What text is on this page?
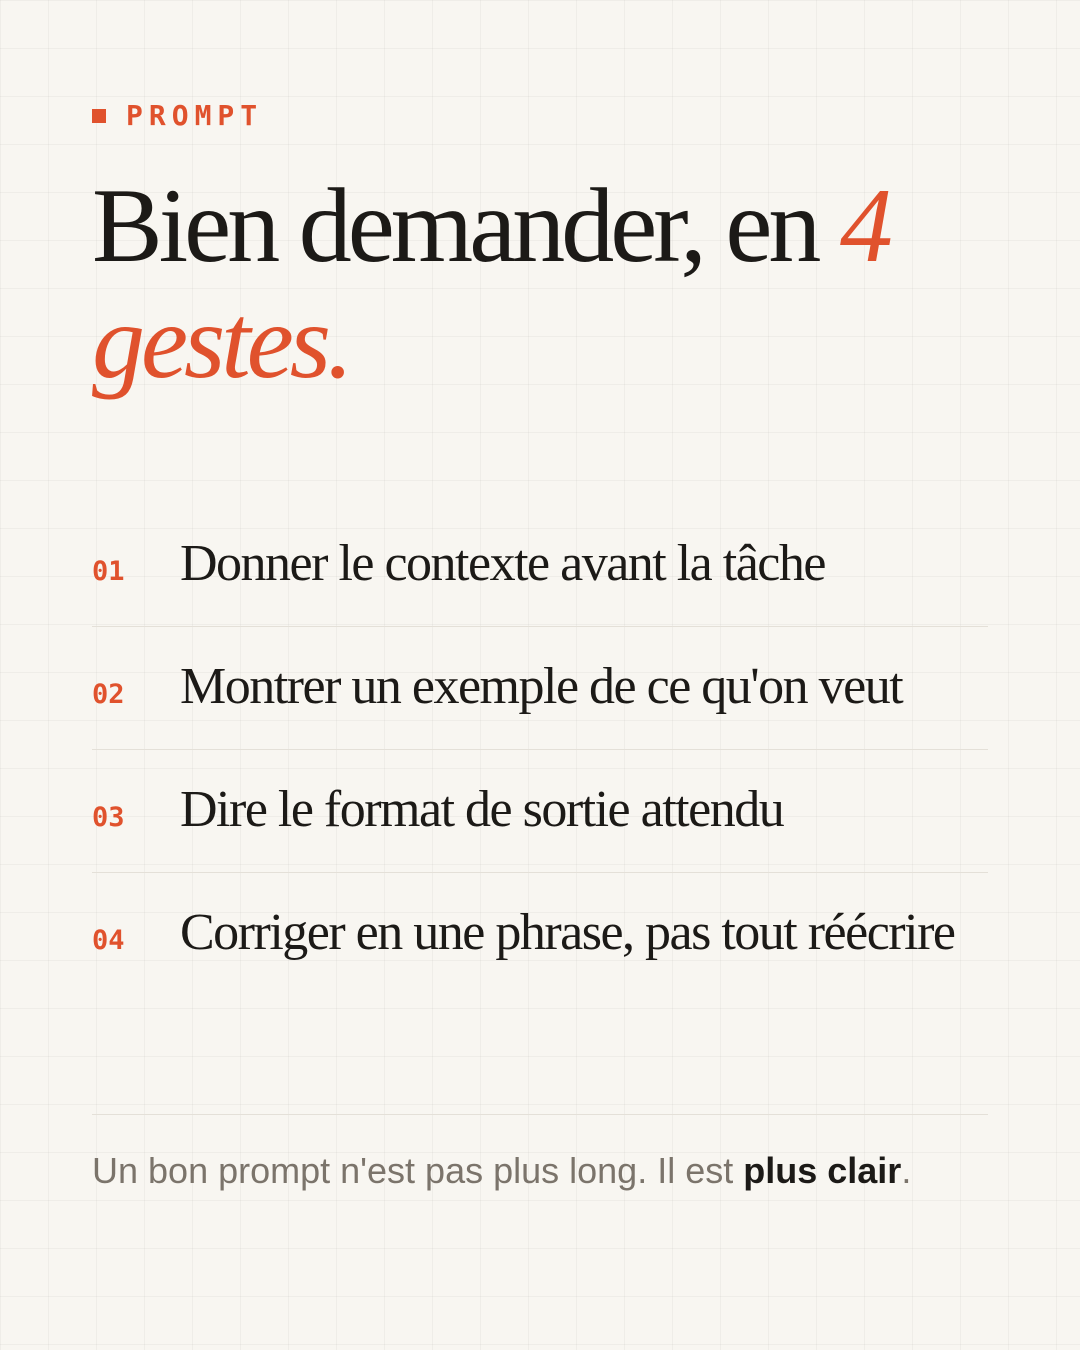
PROMPT
Bien demander, en 4 gestes.
01	Donner le contexte avant la tâche
02	Montrer un exemple de ce qu'on veut
03	Dire le format de sortie attendu
04	Corriger en une phrase, pas tout réécrire

Un bon prompt n'est pas plus long. Il est plus clair.
